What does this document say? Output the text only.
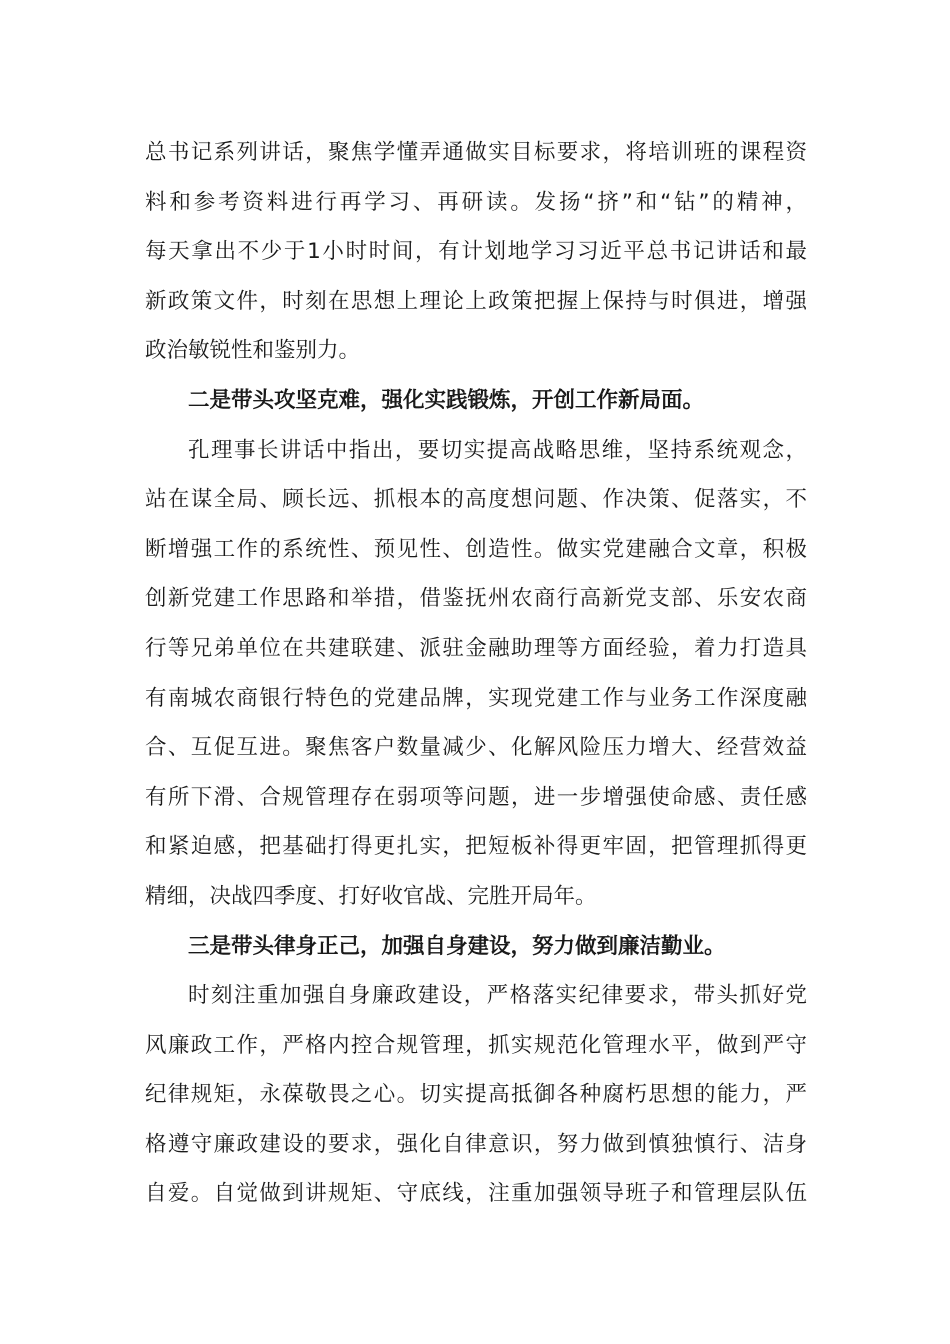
总书记系列讲话，聚焦学懂弄通做实目标要求，将培训班的课程资
料和参考资料进行再学习、再研读。发扬“挤”和“钻”的精神，
每天拿出不少于1小时时间，有计划地学习习近平总书记讲话和最
新政策文件，时刻在思想上理论上政策把握上保持与时俱进，增强
政治敏锐性和鉴别力。
二是带头攻坚克难，强化实践锻炼，开创工作新局面。
孔理事长讲话中指出，要切实提高战略思维，坚持系统观念，
站在谋全局、顾长远、抓根本的高度想问题、作决策、促落实，不
断增强工作的系统性、预见性、创造性。做实党建融合文章，积极
创新党建工作思路和举措，借鉴抚州农商行高新党支部、乐安农商
行等兄弟单位在共建联建、派驻金融助理等方面经验，着力打造具
有南城农商银行特色的党建品牌，实现党建工作与业务工作深度融
合、互促互进。聚焦客户数量减少、化解风险压力增大、经营效益
有所下滑、合规管理存在弱项等问题，进一步增强使命感、责任感
和紧迫感，把基础打得更扎实，把短板补得更牢固，把管理抓得更
精细，决战四季度、打好收官战、完胜开局年。
三是带头律身正己，加强自身建设，努力做到廉洁勤业。
时刻注重加强自身廉政建设，严格落实纪律要求，带头抓好党
风廉政工作，严格内控合规管理，抓实规范化管理水平，做到严守
纪律规矩，永葆敬畏之心。切实提高抵御各种腐朽思想的能力，严
格遵守廉政建设的要求，强化自律意识，努力做到慎独慎行、洁身
自爱。自觉做到讲规矩、守底线，注重加强领导班子和管理层队伍
